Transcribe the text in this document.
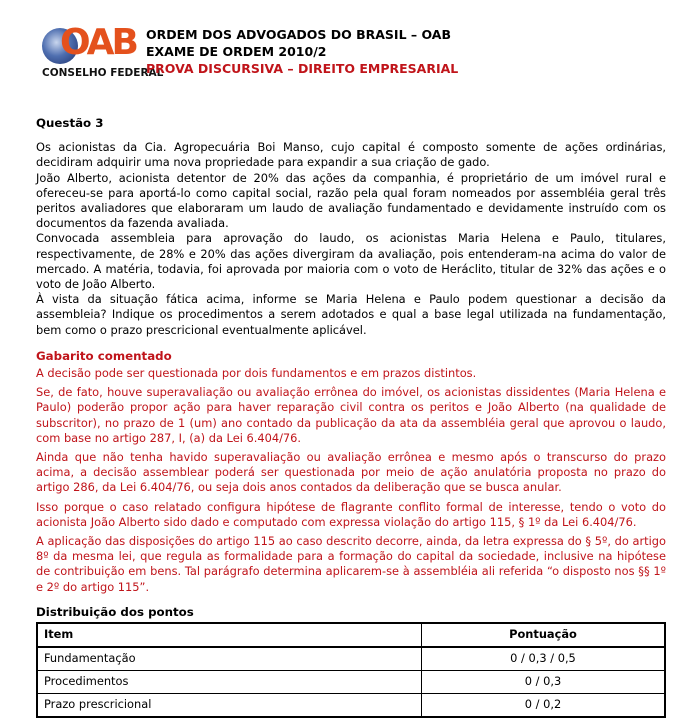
OAB
CONSELHO FEDERAL
ORDEM DOS ADVOGADOS DO BRASIL – OAB
EXAME DE ORDEM 2010/2
PROVA DISCURSIVA – DIREITO EMPRESARIAL
Questão 3

Os acionistas da Cia. Agropecuária Boi Manso, cujo capital é composto somente de ações ordinárias, decidiram adquirir uma nova propriedade para expandir a sua criação de gado.

João Alberto, acionista detentor de 20% das ações da companhia, é proprietário de um imóvel rural e ofereceu-se para aportá-lo como capital social, razão pela qual foram nomeados por assembléia geral três peritos avaliadores que elaboraram um laudo de avaliação fundamentado e devidamente instruído com os documentos da fazenda avaliada.

Convocada assembleia para aprovação do laudo, os acionistas Maria Helena e Paulo, titulares, respectivamente, de 28% e 20% das ações divergiram da avaliação, pois entenderam-na acima do valor de mercado. A matéria, todavia, foi aprovada por maioria com o voto de Heráclito, titular de 32% das ações e o voto de João Alberto.

À vista da situação fática acima, informe se Maria Helena e Paulo podem questionar a decisão da assembleia? Indique os procedimentos a serem adotados e qual a base legal utilizada na fundamentação, bem como o prazo prescricional eventualmente aplicável.

Gabarito comentado

A decisão pode ser questionada por dois fundamentos e em prazos distintos.

Se, de fato, houve superavaliação ou avaliação errônea do imóvel, os acionistas dissidentes (Maria Helena e Paulo) poderão propor ação para haver reparação civil contra os peritos e João Alberto (na qualidade de subscritor), no prazo de 1 (um) ano contado da publicação da ata da assembléia geral que aprovou o laudo, com base no artigo 287, I, (a) da Lei 6.404/76.

Ainda que não tenha havido superavaliação ou avaliação errônea e mesmo após o transcurso do prazo acima, a decisão assemblear poderá ser questionada por meio de ação anulatória proposta no prazo do artigo 286, da Lei 6.404/76, ou seja dois anos contados da deliberação que se busca anular.

Isso porque o caso relatado configura hipótese de flagrante conflito formal de interesse, tendo o voto do acionista João Alberto sido dado e computado com expressa violação do artigo 115, § 1º da Lei 6.404/76.

A aplicação das disposições do artigo 115 ao caso descrito decorre, ainda, da letra expressa do § 5º, do artigo 8º da mesma lei, que regula as formalidade para a formação do capital da sociedade, inclusive na hipótese de contribuição em bens. Tal parágrafo determina aplicarem-se à assembléia ali referida “o disposto nos §§ 1º e 2º do artigo 115”.

Distribuição dos pontos
Item	Pontuação
Fundamentação	0 / 0,3 / 0,5
Procedimentos	0 / 0,3
Prazo prescricional	0 / 0,2
